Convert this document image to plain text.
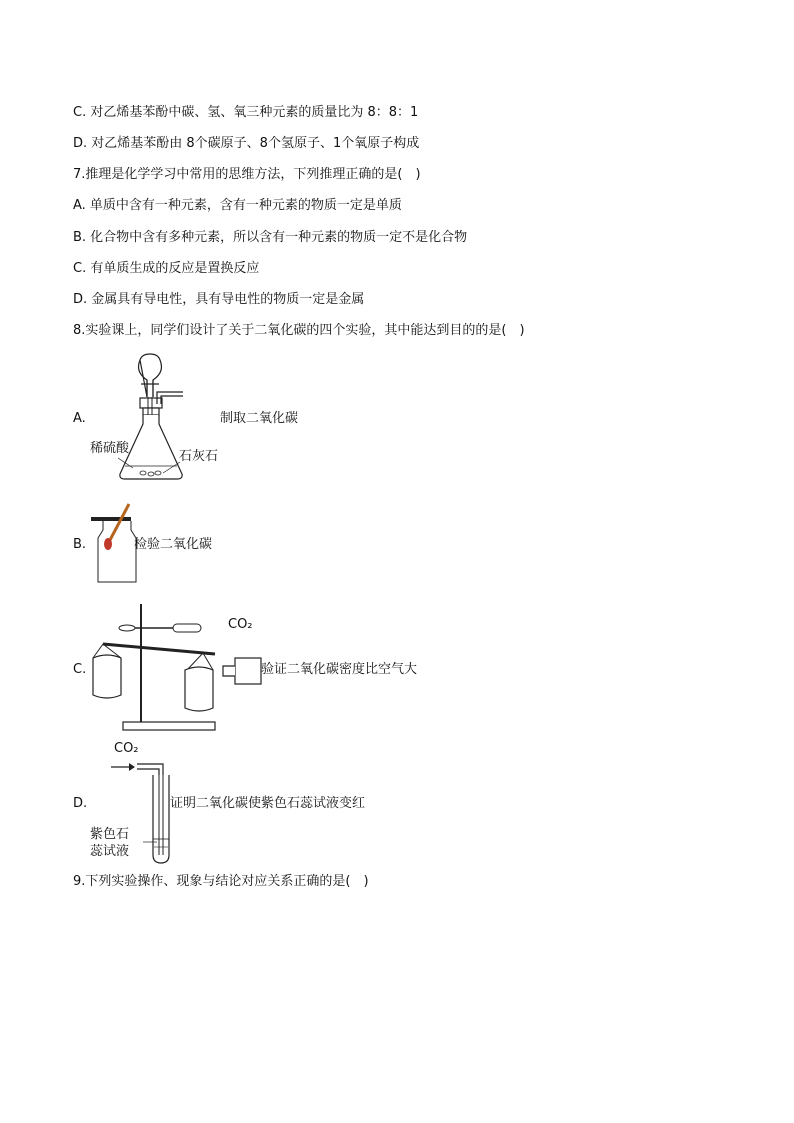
C. 对乙烯基苯酚中碳、氢、氧三种元素的质量比为 8：8：1
D. 对乙烯基苯酚由 8个碳原子、8个氢原子、1个氧原子构成
7.推理是化学学习中常用的思维方法，下列推理正确的是(　)
A. 单质中含有一种元素，含有一种元素的物质一定是单质
B. 化合物中含有多种元素，所以含有一种元素的物质一定不是化合物
C. 有单质生成的反应是置换反应
D. 金属具有导电性，具有导电性的物质一定是金属
8.实验课上，同学们设计了关于二氧化碳的四个实验，其中能达到目的的是(　)
A.
稀硫酸
石灰石
制取二氧化碳
B.	检验二氧化碳
C.
CO₂
验证二氧化碳密度比空气大
D.
CO₂
紫色石
蕊试液
证明二氧化碳使紫色石蕊试液变红
9.下列实验操作、现象与结论对应关系正确的是(　)
